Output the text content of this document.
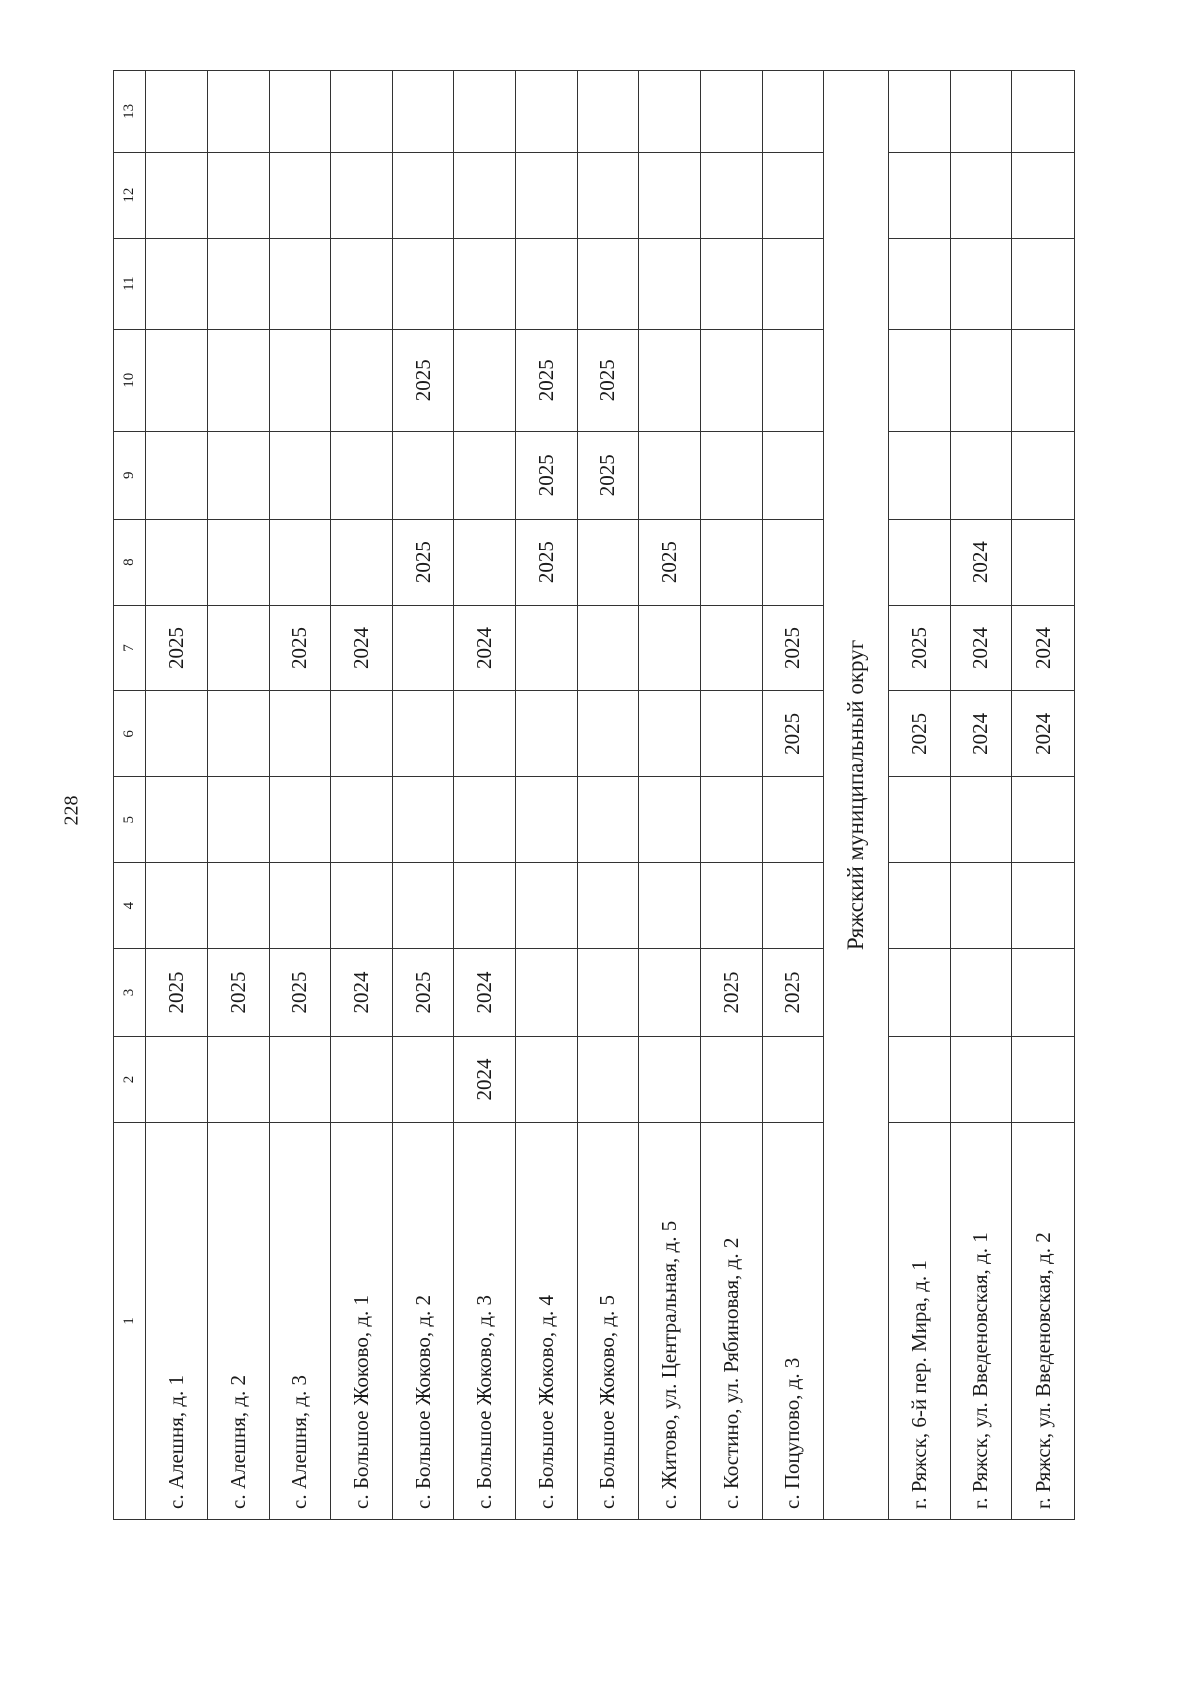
228
1	2	3	4	5	6	7	8	9	10	11	12	13
с. Алешня, д. 1		2025				2025						
с. Алешня, д. 2		2025										
с. Алешня, д. 3		2025				2025						
с. Большое Жоково, д. 1		2024				2024						
с. Большое Жоково, д. 2		2025					2025		2025			
с. Большое Жоково, д. 3	2024	2024				2024						
с. Большое Жоково, д. 4							2025	2025	2025			
с. Большое Жоково, д. 5								2025	2025			
с. Житово, ул. Центральная, д. 5							2025					
с. Костино, ул. Рябиновая, д. 2		2025										
с. Поцупово, д. 3		2025			2025	2025						
Ряжский муниципальный округ												
г. Ряжск, 6-й пер. Мира, д. 1					2025	2025						
г. Ряжск, ул. Введеновская, д. 1					2024	2024	2024					
г. Ряжск, ул. Введеновская, д. 2					2024	2024						
